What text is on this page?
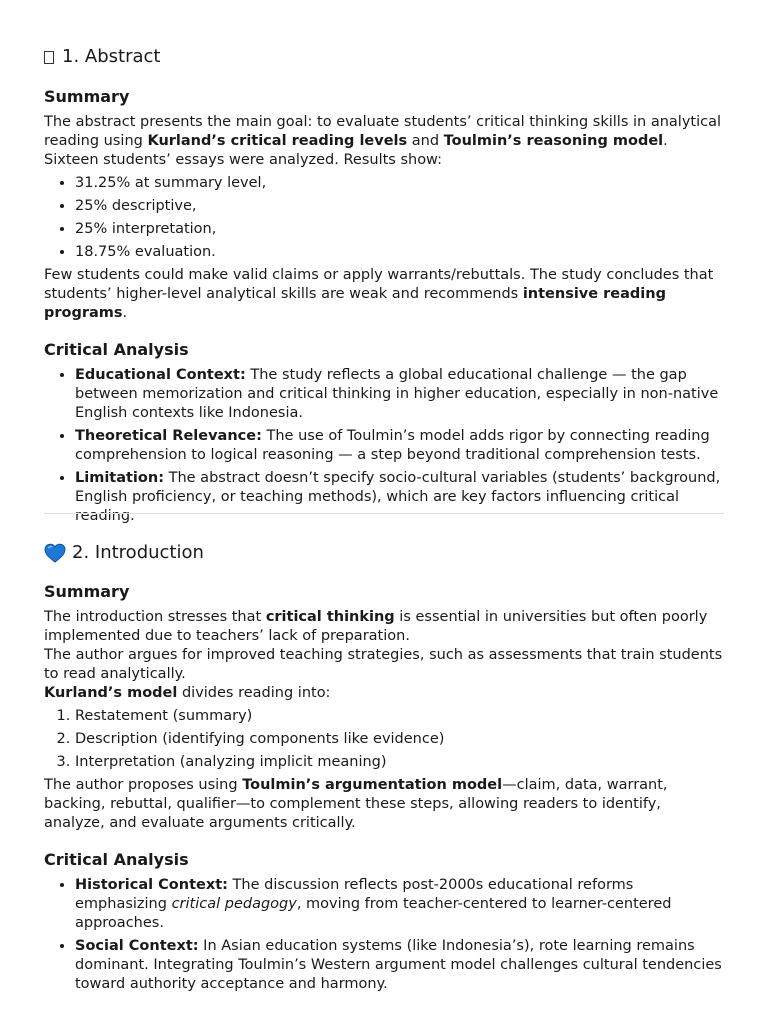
1. Abstract
Summary

The abstract presents the main goal: to evaluate students’ critical thinking skills in analytical reading using Kurland’s critical reading levels and Toulmin’s reasoning model. Sixteen students’ essays were analyzed. Results show:

• 31.25% at summary level,
• 25% descriptive,
• 25% interpretation,
• 18.75% evaluation.

Few students could make valid claims or apply warrants/rebuttals. The study concludes that students’ higher-level analytical skills are weak and recommends intensive reading programs.

Critical Analysis
• Educational Context: The study reflects a global educational challenge — the gap between memorization and critical thinking in higher education, especially in non-native English contexts like Indonesia.
• Theoretical Relevance: The use of Toulmin’s model adds rigor by connecting reading comprehension to logical reasoning — a step beyond traditional comprehension tests.
• Limitation: The abstract doesn’t specify socio-cultural variables (students’ background, English proficiency, or teaching methods), which are key factors influencing critical reading.
2. Introduction
Summary

The introduction stresses that critical thinking is essential in universities but often poorly implemented due to teachers’ lack of preparation.

The author argues for improved teaching strategies, such as assessments that train students to read analytically.

Kurland’s model divides reading into:

1. Restatement (summary)
2. Description (identifying components like evidence)
3. Interpretation (analyzing implicit meaning)

The author proposes using Toulmin’s argumentation model—claim, data, warrant, backing, rebuttal, qualifier—to complement these steps, allowing readers to identify, analyze, and evaluate arguments critically.

Critical Analysis
• Historical Context: The discussion reflects post-2000s educational reforms emphasizing critical pedagogy, moving from teacher-centered to learner-centered approaches.
• Social Context: In Asian education systems (like Indonesia’s), rote learning remains dominant. Integrating Toulmin’s Western argument model challenges cultural tendencies toward authority acceptance and harmony.
